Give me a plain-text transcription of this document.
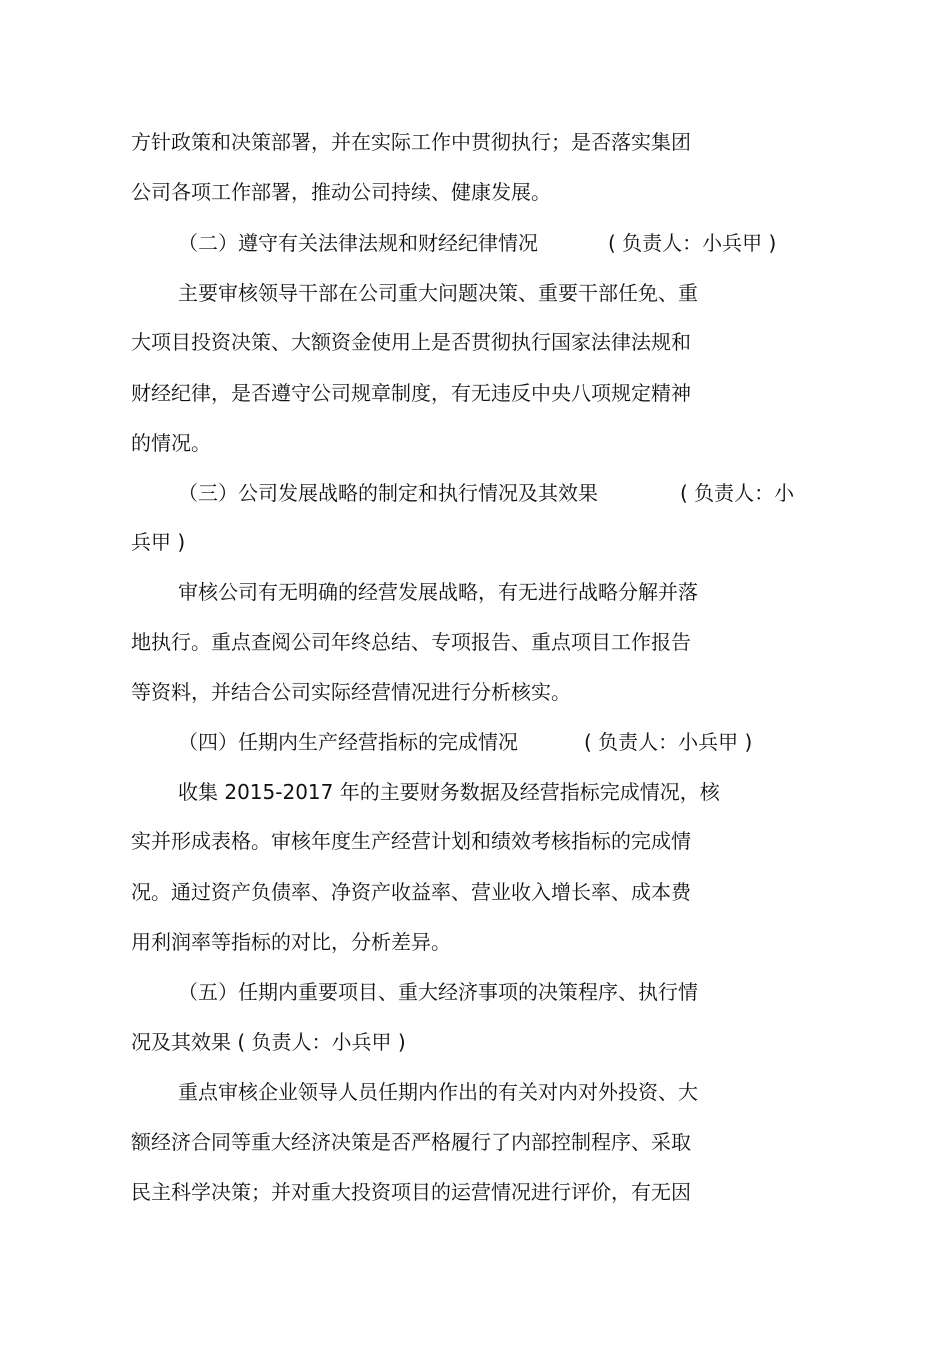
方针政策和决策部署，并在实际工作中贯彻执行；是否落实集团
公司各项工作部署，推动公司持续、健康发展。
（二）遵守有关法律法规和财经纪律情况	( 负责人：小兵甲 )
主要审核领导干部在公司重大问题决策、重要干部任免、重
大项目投资决策、大额资金使用上是否贯彻执行国家法律法规和
财经纪律，是否遵守公司规章制度，有无违反中央八项规定精神
的情况。
（三）公司发展战略的制定和执行情况及其效果	( 负责人：小
兵甲 )
审核公司有无明确的经营发展战略，有无进行战略分解并落
地执行。重点查阅公司年终总结、专项报告、重点项目工作报告
等资料，并结合公司实际经营情况进行分析核实。
（四）任期内生产经营指标的完成情况	( 负责人：小兵甲 )
收集 2015-2017 年的主要财务数据及经营指标完成情况，核
实并形成表格。审核年度生产经营计划和绩效考核指标的完成情
况。通过资产负债率、净资产收益率、营业收入增长率、成本费
用利润率等指标的对比，分析差异。
（五）任期内重要项目、重大经济事项的决策程序、执行情
况及其效果 ( 负责人：小兵甲 )
重点审核企业领导人员任期内作出的有关对内对外投资、大
额经济合同等重大经济决策是否严格履行了内部控制程序、采取
民主科学决策；并对重大投资项目的运营情况进行评价，有无因
